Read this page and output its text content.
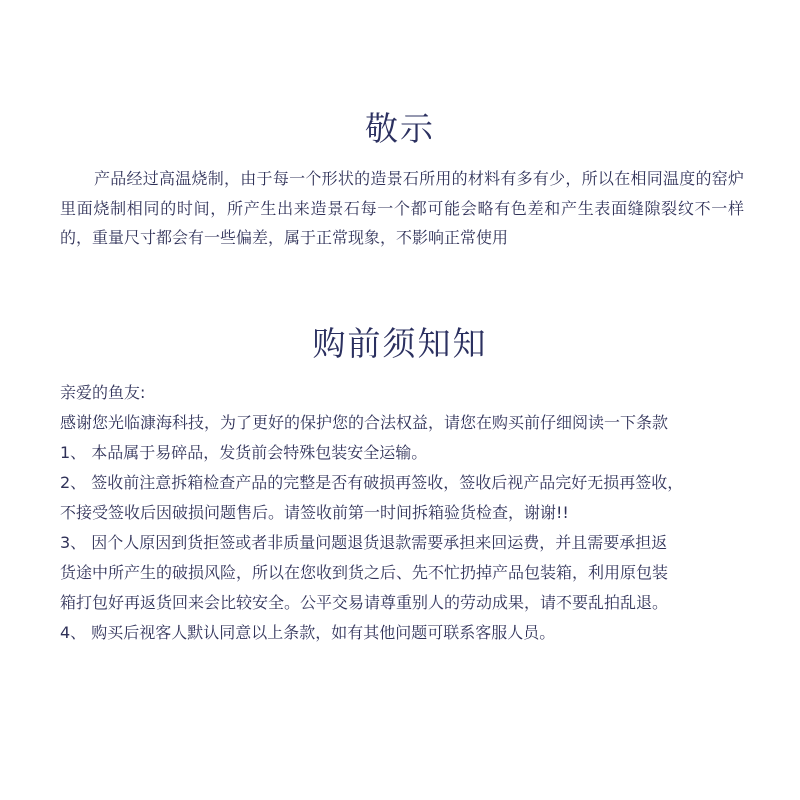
敬示

产品经过高温烧制，由于每一个形状的造景石所用的材料有多有少，所以在相同温度的窑炉里面烧制相同的时间，所产生出来造景石每一个都可能会略有色差和产生表面缝隙裂纹不一样的，重量尺寸都会有一些偏差，属于正常现象，不影响正常使用

购前须知知

亲爱的鱼友:

感谢您光临漮海科技，为了更好的保护您的合法权益，请您在购买前仔细阅读一下条款

1、 本品属于易碎品，发货前会特殊包装安全运输。

2、 签收前注意拆箱检查产品的完整是否有破损再签收，签收后视产品完好无损再签收，

不接受签收后因破损问题售后。请签收前第一时间拆箱验货检查，谢谢!!

3、 因个人原因到货拒签或者非质量问题退货退款需要承担来回运费，并且需要承担返

货途中所产生的破损风险，所以在您收到货之后、先不忙扔掉产品包装箱，利用原包装

箱打包好再返货回来会比较安全。公平交易请尊重别人的劳动成果，请不要乱拍乱退。

4、 购买后视客人默认同意以上条款，如有其他问题可联系客服人员。
